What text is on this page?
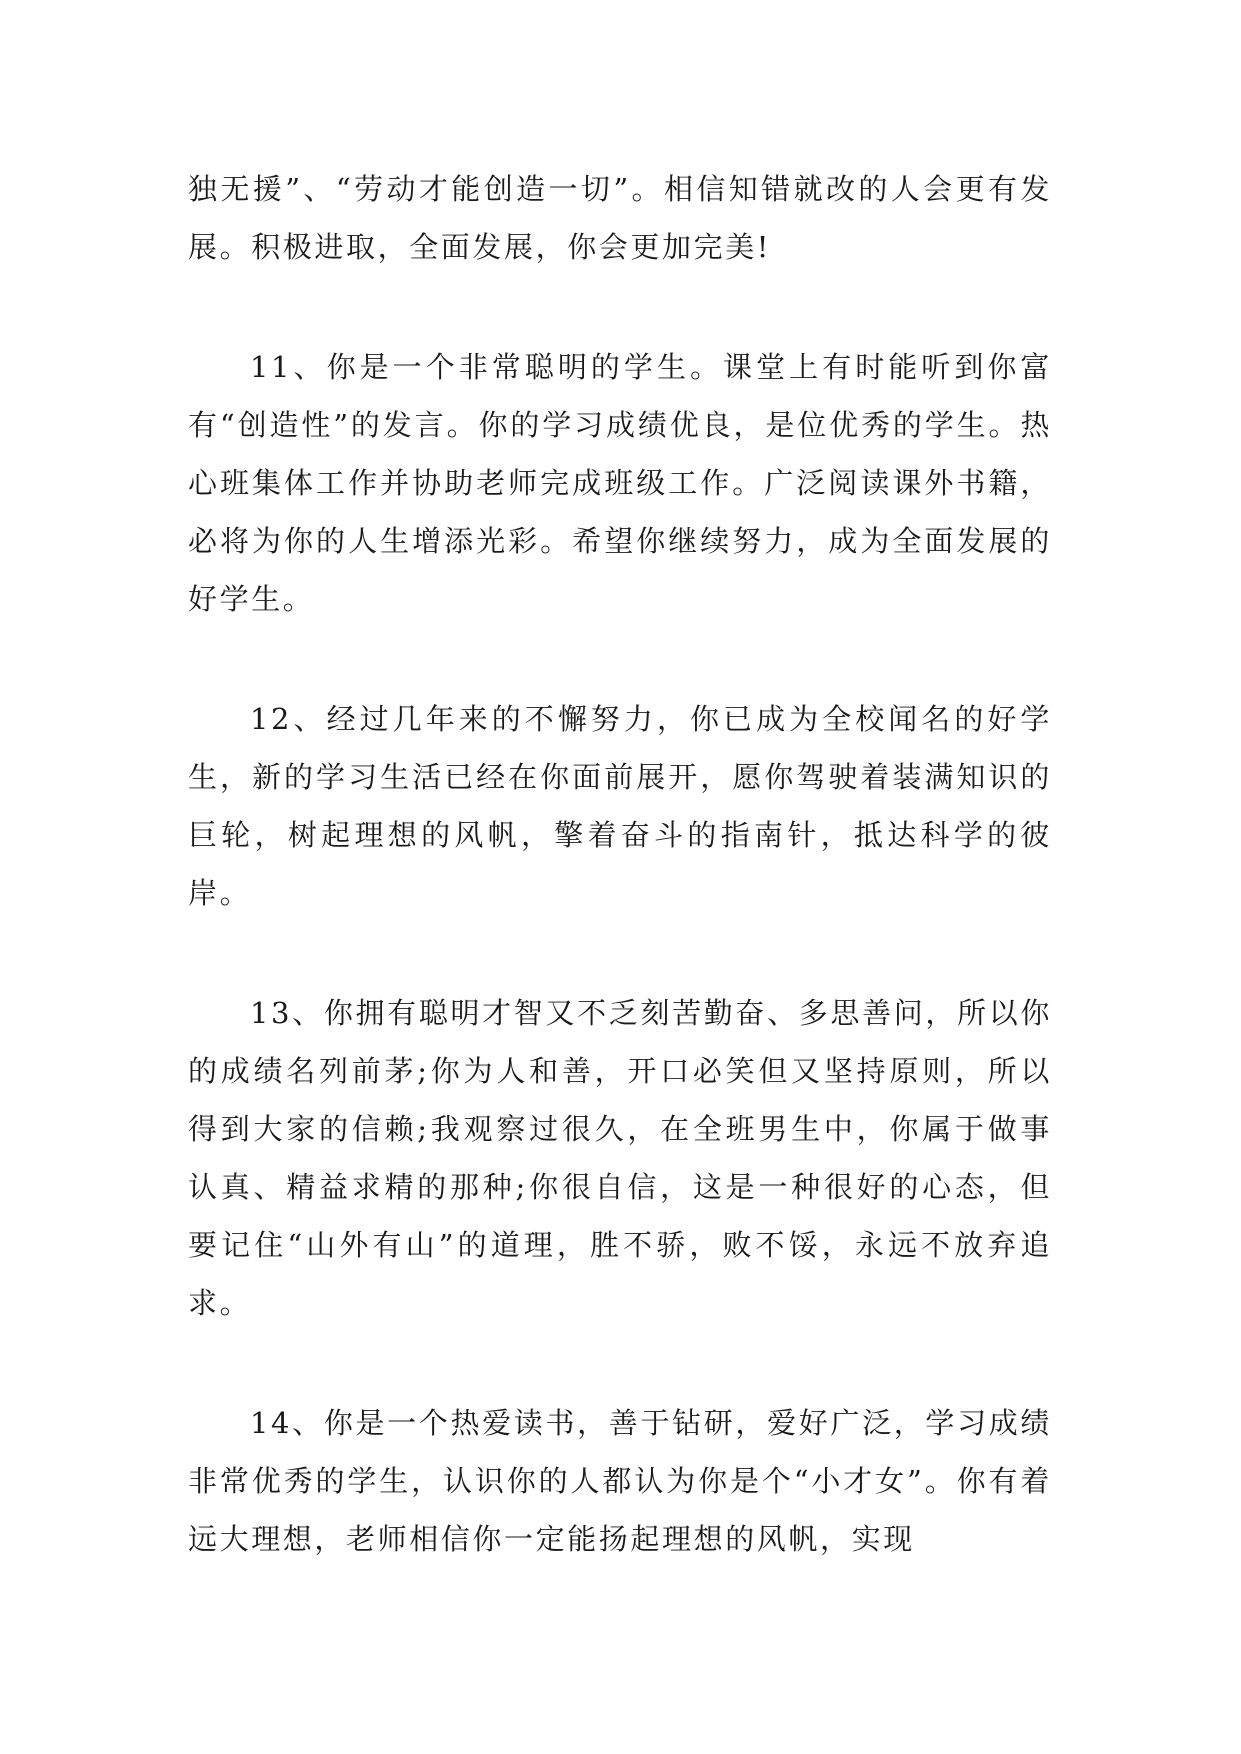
独无援”、“劳动才能创造一切”。相信知错就改的人会更有发展。积极进取，全面发展，你会更加完美!

11、你是一个非常聪明的学生。课堂上有时能听到你富有“创造性”的发言。你的学习成绩优良，是位优秀的学生。热心班集体工作并协助老师完成班级工作。广泛阅读课外书籍，必将为你的人生增添光彩。希望你继续努力，成为全面发展的好学生。

12、经过几年来的不懈努力，你已成为全校闻名的好学生，新的学习生活已经在你面前展开，愿你驾驶着装满知识的巨轮，树起理想的风帆，擎着奋斗的指南针，抵达科学的彼岸。

13、你拥有聪明才智又不乏刻苦勤奋、多思善问，所以你的成绩名列前茅;你为人和善，开口必笑但又坚持原则，所以得到大家的信赖;我观察过很久，在全班男生中，你属于做事认真、精益求精的那种;你很自信，这是一种很好的心态，但要记住“山外有山”的道理，胜不骄，败不馁，永远不放弃追求。

14、你是一个热爱读书，善于钻研，爱好广泛，学习成绩非常优秀的学生，认识你的人都认为你是个“小才女”。你有着远大理想，老师相信你一定能扬起理想的风帆，实现
